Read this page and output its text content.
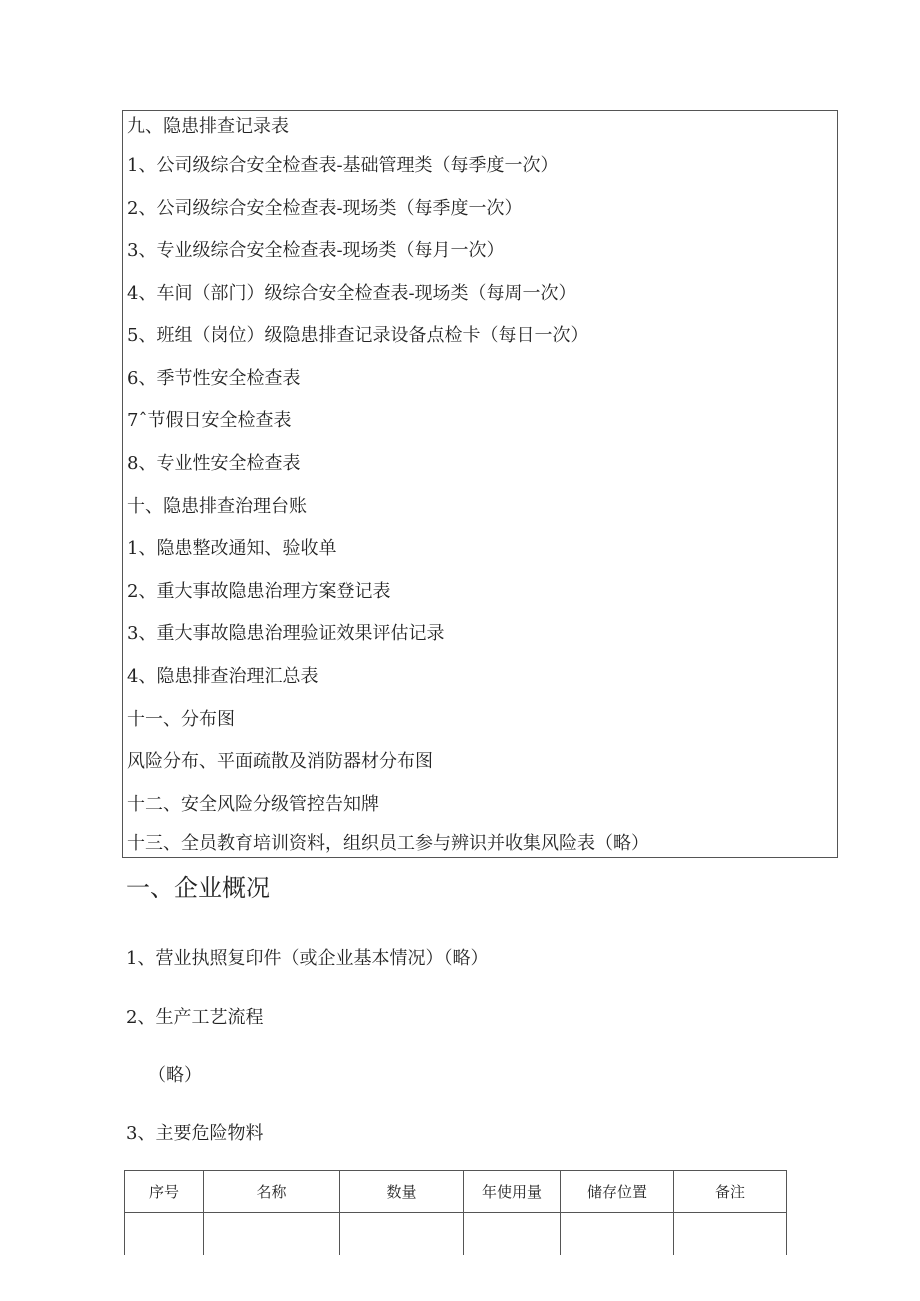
九、隐患排查记录表
1、公司级综合安全检查表-基础管理类（每季度一次）
2、公司级综合安全检查表-现场类（每季度一次）
3、专业级综合安全检查表-现场类（每月一次）
4、车间（部门）级综合安全检查表-现场类（每周一次）
5、班组（岗位）级隐患排查记录设备点检卡（每日一次）
6、季节性安全检查表
7ˆ节假日安全检查表
8、专业性安全检查表
十、隐患排查治理台账
1、隐患整改通知、验收单
2、重大事故隐患治理方案登记表
3、重大事故隐患治理验证效果评估记录
4、隐患排查治理汇总表
十一、分布图
风险分布、平面疏散及消防器材分布图
十二、安全风险分级管控告知牌
十三、全员教育培训资料，组织员工参与辨识并收集风险表（略）
一、企业概况
1、营业执照复印件（或企业基本情况）（略）
2、生产工艺流程
（略）
3、主要危险物料
序号	名称	数量	年使用量	储存位置	备注
